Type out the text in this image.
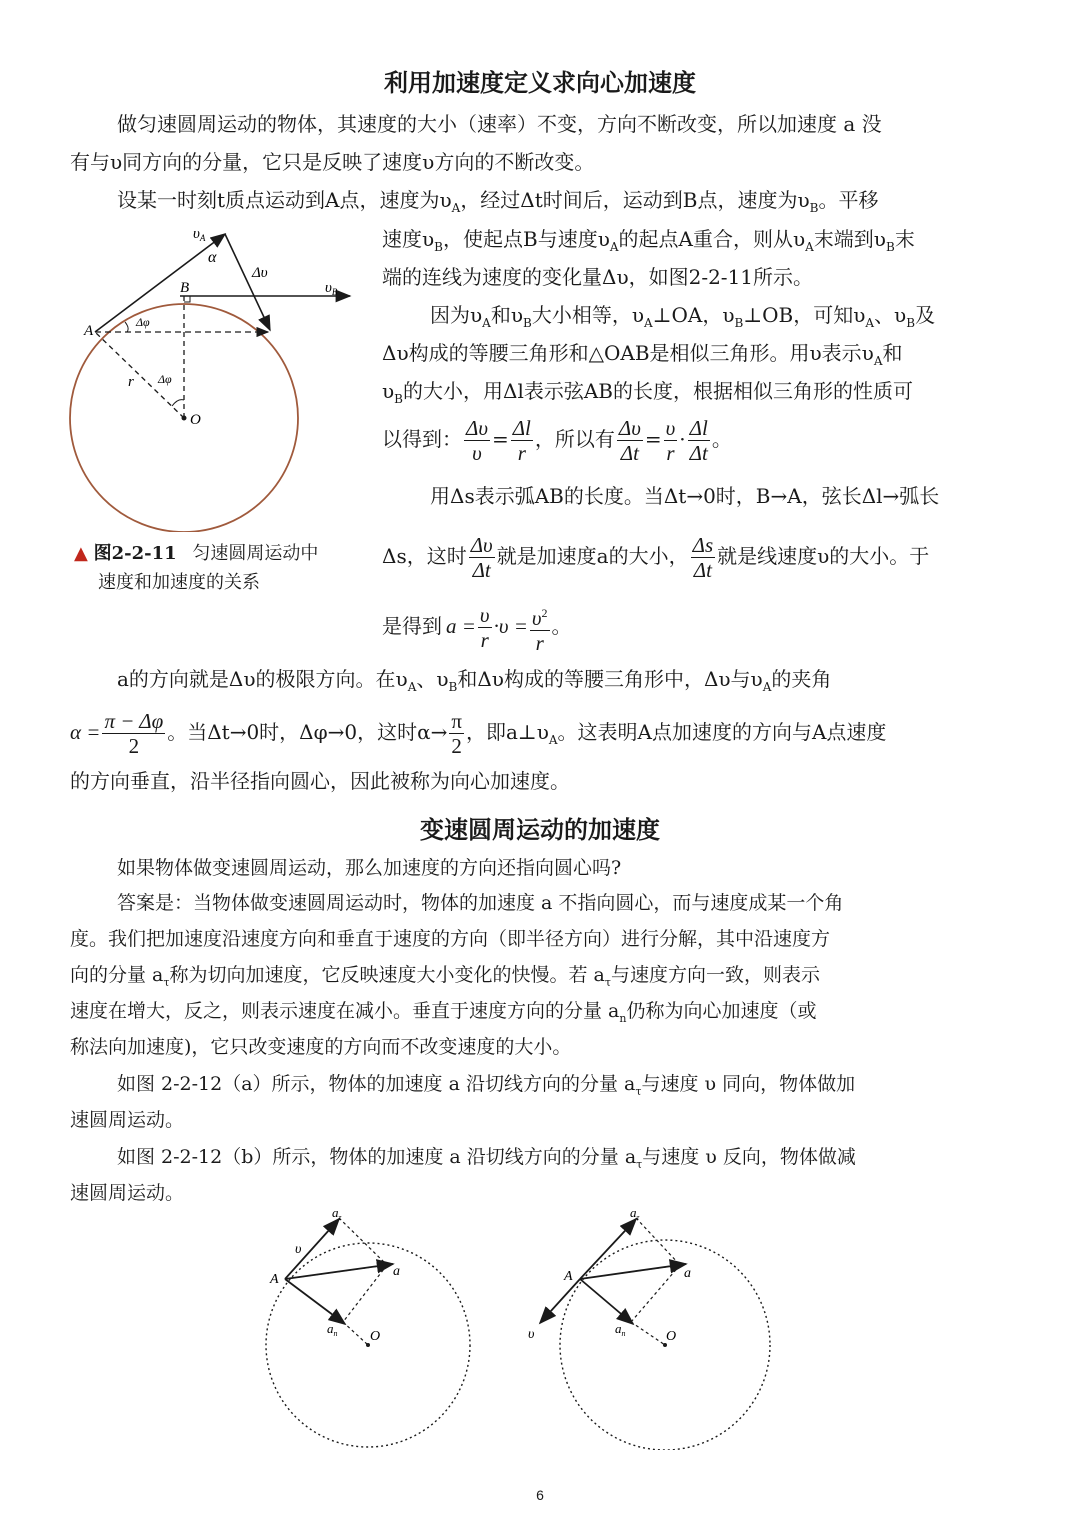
利用加速度定义求向心加速度
做匀速圆周运动的物体，其速度的大小（速率）不变，方向不断改变，所以加速度 a 没
有与υ同方向的分量，它只是反映了速度υ方向的不断改变。
设某一时刻t质点运动到A点，速度为$\upsilon_A$，经过Δt时间后，运动到B点，速度为$\upsilon_B$。平移
速度$\upsilon_B$，使起点B与速度$\upsilon_A$的起点A重合，则从$\upsilon_A$末端到$\upsilon_B$末
端的连线为速度的变化量Δυ，如图2-2-11所示。
因为$\upsilon_A$和$\upsilon_B$大小相等，$\upsilon_A\perp OA$，$\upsilon_B\perp OB$，可知$\upsilon_A$、$\upsilon_B$及
Δυ构成的等腰三角形和△OAB是相似三角形。用υ表示$\upsilon_A$和
$\upsilon_B$的大小，用Δl表示弦AB的长度，根据相似三角形的性质可
以得到： $\frac{\Delta\upsilon}{\upsilon} = \frac{\Delta l}{r}$ ，所以有 $\frac{\Delta\upsilon}{\Delta t} = \frac{\upsilon}{r} \cdot \frac{\Delta l}{\Delta t}$ 。
用Δs表示弧AB的长度。当Δt→0时，B→A，弦长Δl→弧长
Δs，这时 $\frac{\Delta\upsilon}{\Delta t}$ 就是加速度a的大小， $\frac{\Delta s}{\Delta t}$ 就是线速度υ的大小。于
是得到 $a = \frac{\upsilon}{r} \cdot\upsilon = \frac{\upsilon^2}{r}$ 。
a的方向就是Δυ的极限方向。在$\upsilon_A$、$\upsilon_B$和Δυ构成的等腰三角形中，Δυ与$\upsilon_A$的夹角
$\alpha = \frac{\pi - \Delta\varphi}{2}$ 。当Δt→0时，Δφ→0，这时$\alpha\to \frac{\pi}{2}$ ，即$a\perp\upsilon_A$。这表明A点加速度的方向与A点速度
的方向垂直，沿半径指向圆心，因此被称为向心加速度。
$\upsilon_A$
α
Δυ
B	$\upsilon_B$
A
Δφ
r Δφ
O
▲ 图2-2-11 匀速圆周运动中
速度和加速度的关系
变速圆周运动的加速度
如果物体做变速圆周运动，那么加速度的方向还指向圆心吗?
答案是：当物体做变速圆周运动时，物体的加速度 a 不指向圆心，而与速度成某一个角
度。我们把加速度沿速度方向和垂直于速度的方向（即半径方向）进行分解，其中沿速度方
向的分量 $a_\tau$称为切向加速度，它反映速度大小变化的快慢。若 $a_\tau$与速度方向一致，则表示
速度在增大，反之，则表示速度在减小。垂直于速度方向的分量 $a_n$仍称为向心加速度（或
称法向加速度)，它只改变速度的方向而不改变速度的大小。
如图 2-2-12（a）所示，物体的加速度 a 沿切线方向的分量 $a_\tau$与速度 υ 同向，物体做加
速圆周运动。
如图 2-2-12（b）所示，物体的加速度 a 沿切线方向的分量 $a_\tau$与速度 υ 反向，物体做减
速圆周运动。
$a_\tau$
υ
A
a
$a_n$ O
$a_\tau$
υ
A	a
$a_n$	O
6
